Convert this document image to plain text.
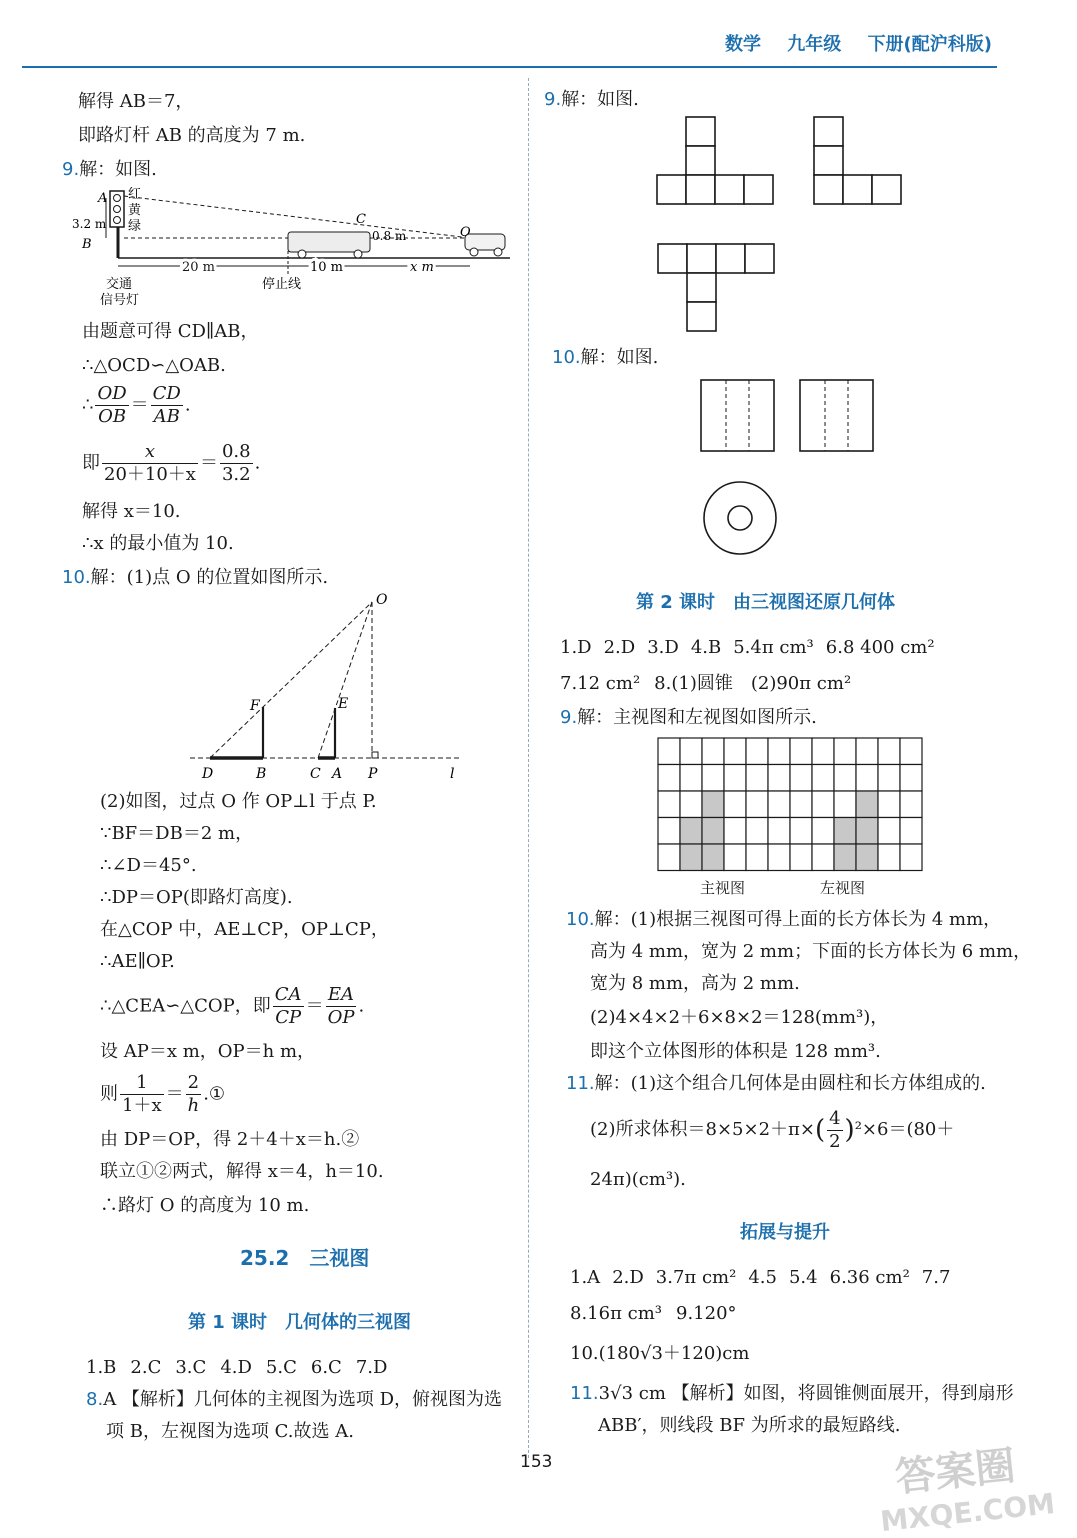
数学 九年级 下册(配沪科版)
解得 AB＝7，
即路灯杆 AB 的高度为 7 m.
9.解：如图.
A
B
3.2 m
红
黄
绿	C
0.8 m	O
20 m	10 m	x m
交通
信号灯
停止线
由题意可得 CD∥AB，
∴△OCD∽△OAB.
∴ $\frac{OD}{OB} = \frac{CD}{AB}$ .
即 $\frac{x}{20+10+x} = \frac{0.8}{3.2}$ .
解得 x＝10.
∴x 的最小值为 10.
10.解：(1)点 O 的位置如图所示.
O
F	E
D	B	C A P	l
(2)如图，过点 O 作 OP⊥l 于点 P.
∵BF＝DB＝2 m，
∴∠D＝45°.
∴DP＝OP(即路灯高度).
在△COP 中，AE⊥CP，OP⊥CP，
∴AE∥OP.
∴△CEA∽△COP，即 $\frac{CA}{CP} = \frac{EA}{OP}$ .
设 AP＝x m，OP＝h m，
则 $\frac{1}{1+x} = \frac{2}{h}$ .①
由 DP＝OP，得 2＋4＋x＝h.②
联立①②两式，解得 x＝4，h＝10.
∴路灯 O 的高度为 10 m.
25.2　三视图
第 1 课时　几何体的三视图
1.B 2.C 3.C 4.D 5.C 6.C 7.D
8.A 【解析】几何体的主视图为选项 D，俯视图为选
项 B，左视图为选项 C.故选 A.
9.解：如图.
10.解：如图.
第 2 课时　由三视图还原几何体
1.D 2.D 3.D 4.B 5.4π cm³ 6.8 400 cm²
7.12 cm² 8.(1)圆锥　(2)90π cm²
9.解：主视图和左视图如图所示.
主视图	左视图
10.解：(1)根据三视图可得上面的长方体长为 4 mm，
高为 4 mm，宽为 2 mm；下面的长方体长为 6 mm，
宽为 8 mm，高为 2 mm.
(2)4×4×2＋6×8×2＝128(mm³)，
即这个立体图形的体积是 128 mm³.
11.解：(1)这个组合几何体是由圆柱和长方体组成的.
(2)所求体积$=8\times 5\times 2+\pi\times( \frac{4}{2} )^2\times 6=(80+$
24π)(cm³).
拓展与提升
1.A 2.D 3.7π cm² 4.5 5.4 6.36 cm² 7.7
8.16π cm³ 9.120°
10.(180√3＋120)cm
11.3√3 cm 【解析】如图，将圆锥侧面展开，得到扇形
ABB′，则线段 BF 为所求的最短路线.
153	答案圈
MXQE.COM
